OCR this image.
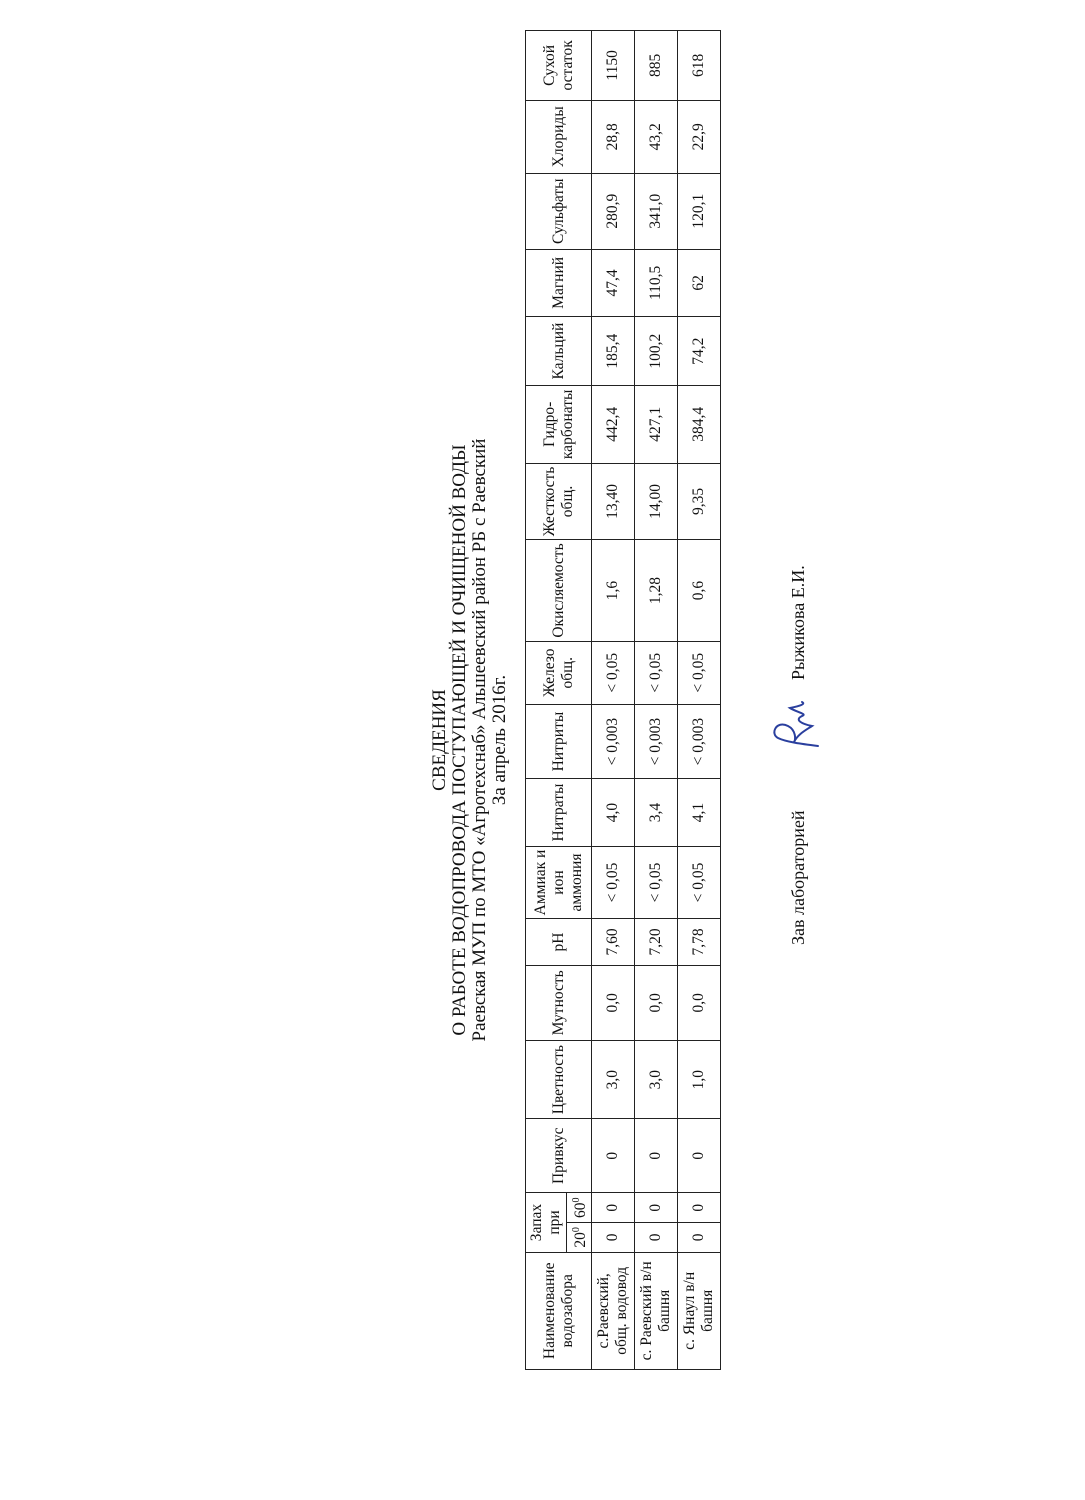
СВЕДЕНИЯ О РАБОТЕ ВОДОПРОВОДА ПОСТУПАЮЩЕЙ И ОЧИЩЕНОЙ ВОДЫ Раевская МУП по МТО «Агротехснаб» Альшеевский район РБ с Раевский За апрель 2016г.
Наименование водозабора	Запах при		Привкус	Цветность	Мутность	pH	Аммиак и ион аммония	Нитраты	Нитриты	Железо общ.	Окисляемость	Жесткость общ.	Гидро-карбонаты	Кальций	Магний	Сульфаты	Хлориды	Сухой остаток
	$20^0$	$60^0$
с.Раевский, общ. водовод	0	0	0	3,0	0,0	7,60	< 0,05	4,0	< 0,003	< 0,05	1,6	13,40	442,4	185,4	47,4	280,9	28,8	1150
с. Раевский в/н башня	0	0	0	3,0	0,0	7,20	< 0,05	3,4	< 0,003	< 0,05	1,28	14,00	427,1	100,2	110,5	341,0	43,2	885
с. Янаул в/н башня	0	0	0	1,0	0,0	7,78	< 0,05	4,1	< 0,003	< 0,05	0,6	9,35	384,4	74,2	62	120,1	22,9	618
Зав лабораторией
Рыжикова Е.И.
